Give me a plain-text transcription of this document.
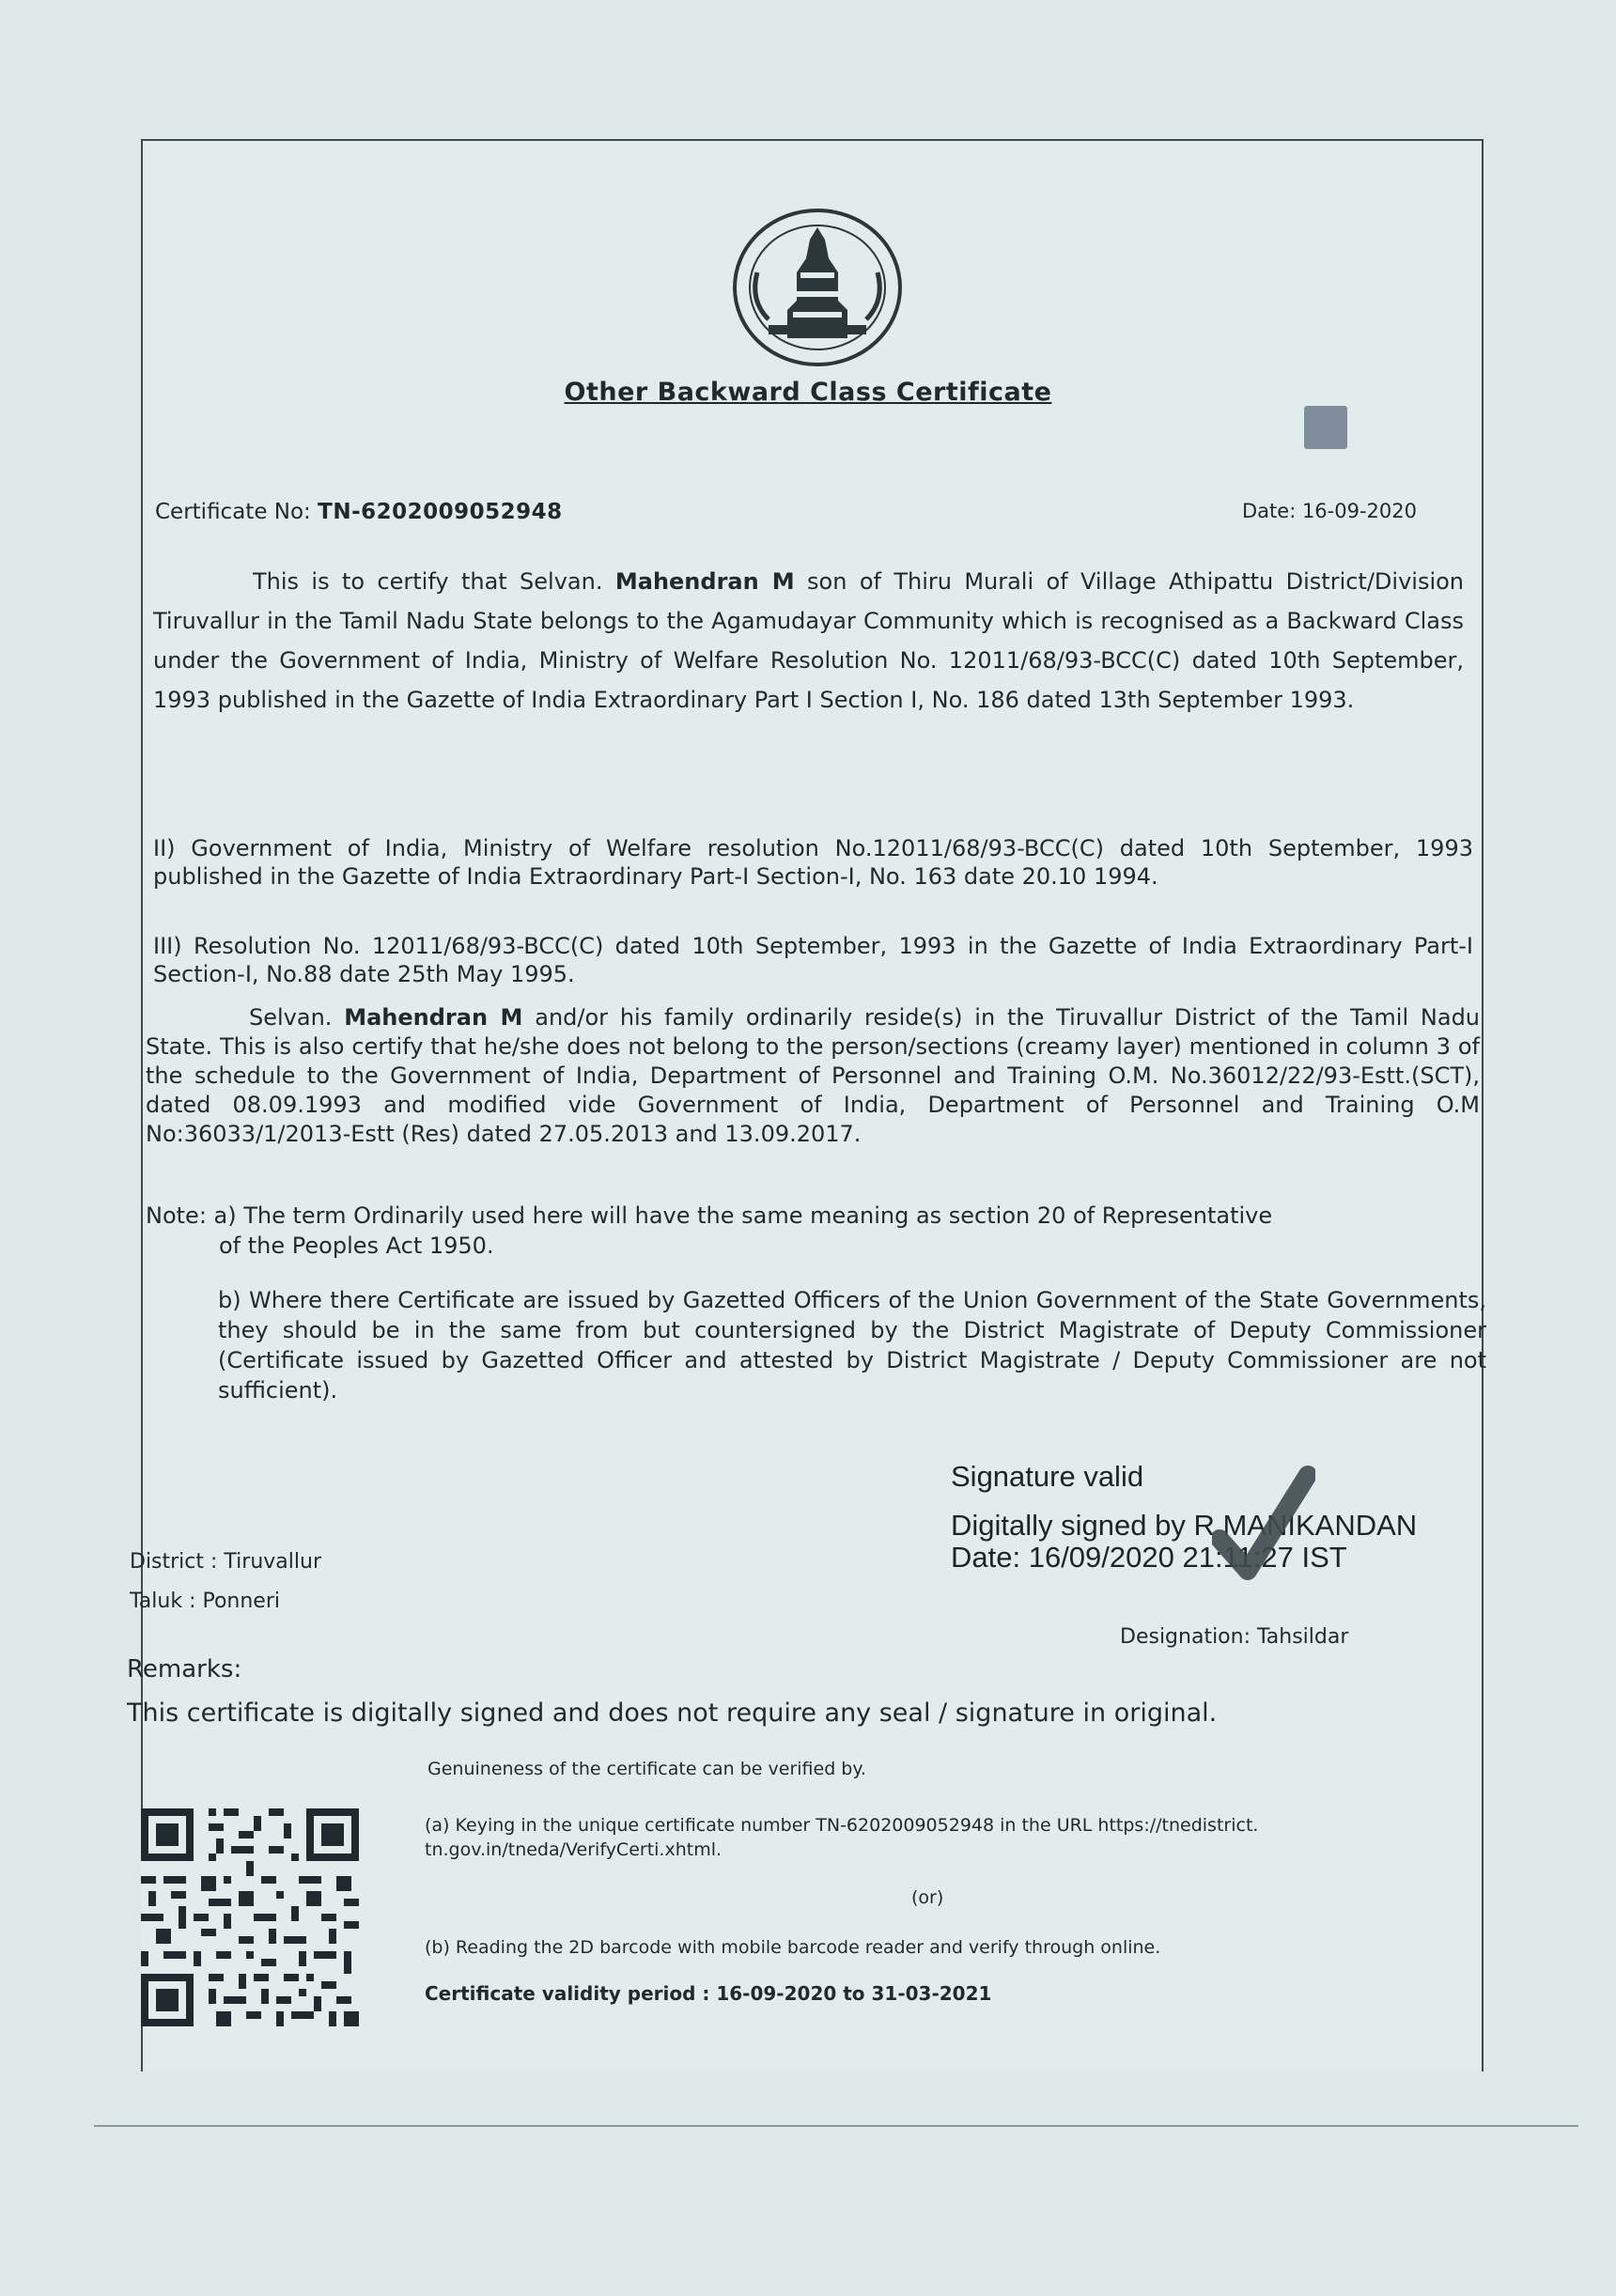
Other Backward Class Certificate
Certificate No: TN-6202009052948	Date: 16-09-2020
This is to certify that Selvan. Mahendran M son of Thiru Murali of Village Athipattu District/Division Tiruvallur in the Tamil Nadu State belongs to the Agamudayar Community which is recognised as a Backward Class under the Government of India, Ministry of Welfare Resolution No. 12011/68/93-BCC(C) dated 10th September, 1993 published in the Gazette of India Extraordinary Part I Section I, No. 186 dated 13th September 1993.
II) Government of India, Ministry of Welfare resolution No.12011/68/93-BCC(C) dated 10th September, 1993 published in the Gazette of India Extraordinary Part-I Section-I, No. 163 date 20.10 1994.
III) Resolution No. 12011/68/93-BCC(C) dated 10th September, 1993 in the Gazette of India Extraordinary Part-I Section-I, No.88 date 25th May 1995.
Selvan. Mahendran M and/or his family ordinarily reside(s) in the Tiruvallur District of the Tamil Nadu State. This is also certify that he/she does not belong to the person/sections (creamy layer) mentioned in column 3 of the schedule to the Government of India, Department of Personnel and Training O.M. No.36012/22/93-Estt.(SCT), dated 08.09.1993 and modified vide Government of India, Department of Personnel and Training O.M No:36033/1/2013-Estt (Res) dated 27.05.2013 and 13.09.2017.
Note: a) The term Ordinarily used here will have the same meaning as section 20 of Representative
of the Peoples Act 1950.
b) Where there Certificate are issued by Gazetted Officers of the Union Government of the State Governments, they should be in the same from but countersigned by the District Magistrate of Deputy Commissioner (Certificate issued by Gazetted Officer and attested by District Magistrate / Deputy Commissioner are not sufficient).
Signature valid
Digitally signed by R MANIKANDAN
Date: 16/09/2020 21:11:27 IST
District : Tiruvallur
Taluk : Ponneri
Designation: Tahsildar
Remarks:
This certificate is digitally signed and does not require any seal / signature in original.
Genuineness of the certificate can be verified by.
(a) Keying in the unique certificate number TN-6202009052948 in the URL https://tnedistrict. tn.gov.in/tneda/VerifyCerti.xhtml.
(or)
(b) Reading the 2D barcode with mobile barcode reader and verify through online.
Certificate validity period : 16-09-2020 to 31-03-2021
